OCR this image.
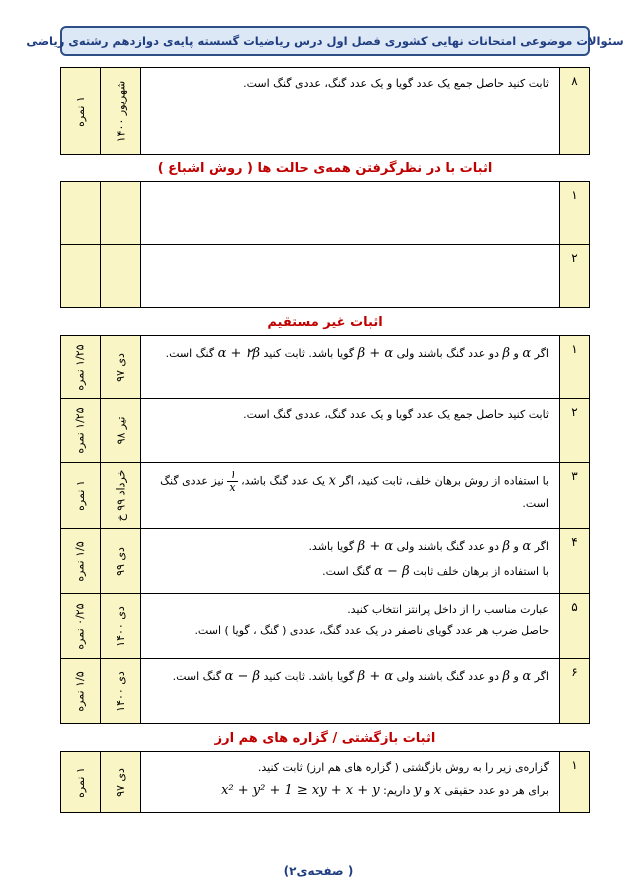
سئوالات موضوعی امتحانات نهایی کشوری فصل اول درس ریاضیات گسسته پایه‌ی دوازدهم رشته‌ی ریاضی
۸
ثابت کنید حاصل جمع یک عدد گویا و یک عدد گنگ، عددی گنگ است.
شهریور ۱۴۰۰
۱ نمره
اثبات با در نظرگرفتن همه‌ی حالت ها ( روش اشباع )
۱
۲
اثبات غیر مستقیم
۱
اگر α و β دو عدد گنگ باشند ولی β + α گویا باشد. ثابت کنید α + ۲β گنگ است.
دی ۹۷
۱/۲۵ نمره
۲
ثابت کنید حاصل جمع یک عدد گویا و یک عدد گنگ، عددی گنگ است.
تیر ۹۸
۱/۲۵ نمره
۳
با استفاده از روش برهان خلف، ثابت کنید، اگر x یک عدد گنگ باشد،
$\frac{۱}{x}$
نیز عددی گنگ است.
خرداد ۹۹ خ
۱ نمره
۴

اگر α و β دو عدد گنگ باشند ولی β + α گویا باشد.

با استفاده از برهان خلف ثابت α − β گنگ است.

دی ۹۹
۱/۵ نمره
۵

عبارت مناسب را از داخل پرانتز انتخاب کنید.

حاصل ضرب هر عدد گویای ناصفر در یک عدد گنگ، عددی ( گنگ ، گویا ) است.

دی ۱۴۰۰
۰/۲۵ نمره
۶
اگر α و β دو عدد گنگ باشند ولی β + α گویا باشد. ثابت کنید α − β گنگ است.
دی ۱۴۰۰
۱/۵ نمره
اثبات بازگشتی / گزاره های هم ارز
۱

گزاره‌ی زیر را به روش بازگشتی ( گزاره های هم ارز) ثابت کنید.

برای هر دو عدد حقیقی x و y داریم: x² + y² + 1 ≥ xy + x + y

دی ۹۷
۱ نمره
( صفحه‌ی۲)
